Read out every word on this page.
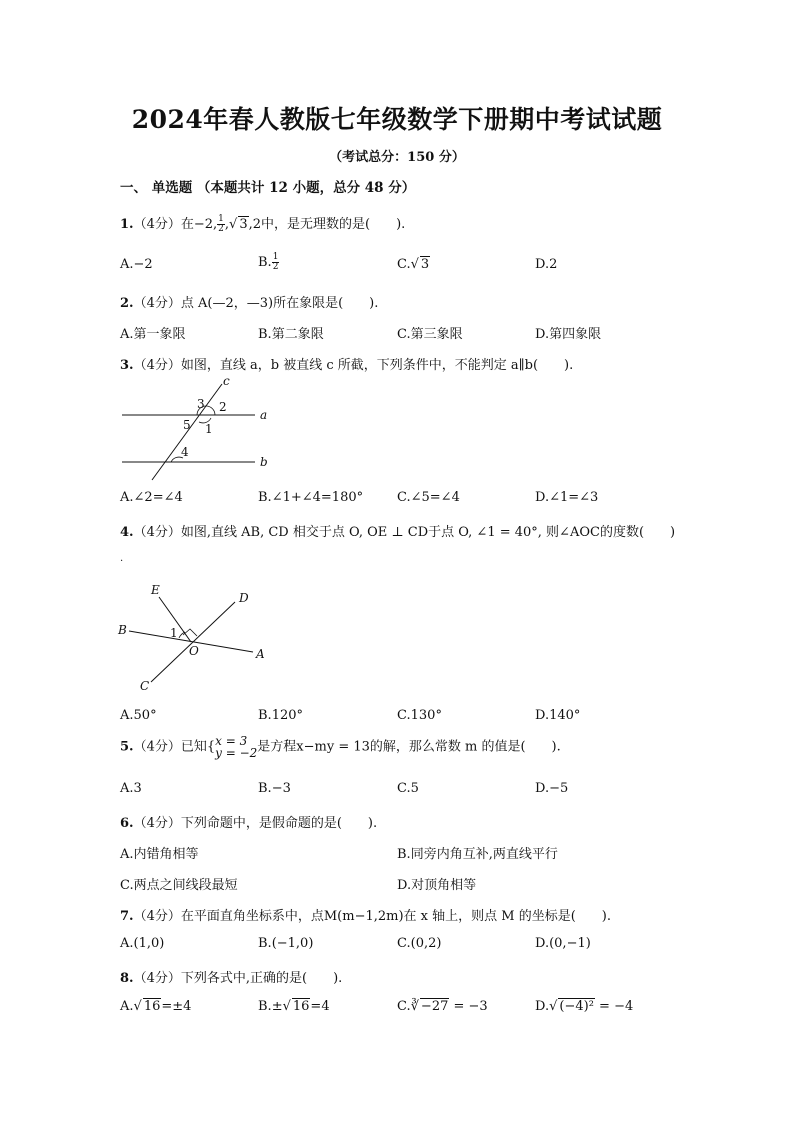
2024年春人教版七年级数学下册期中考试试题
（考试总分：150 分）
一、 单选题 （本题共计 12 小题，总分 48 分）
1.（4分）在−2, $\frac{1}{2}$ ,√ 3,2中，是无理数的是(　　).
A.−2	B. $\frac{1}{2}$	C.√ 3	D.2
2.（4分）点 A(—2，—3)所在象限是(　　).
A.第一象限	B.第二象限	C.第三象限	D.第四象限
3.（4分）如图，直线 a，b 被直线 c 所截，下列条件中，不能判定 a∥b(　　).
c
a
b
3 2
5 1
4
A.∠2=∠4	B.∠1+∠4=180°	C.∠5=∠4	D.∠1=∠3
4.（4分）如图,直线 AB, CD 相交于点 O, OE ⊥ CD于点 O, ∠1 = 40°, 则∠AOC的度数(　　)
.
E
D
B
O	A
C
1
A.50°	B.120°	C.130°	D.140°
5.（4分）已知{ x = 3
y = −2 是方程x−my = 13的解，那么常数 m 的值是(　　).
A.3	B.−3	C.5	D.−5
6.（4分）下列命题中，是假命题的是(　　).
A.内错角相等	B.同旁内角互补,两直线平行
C.两点之间线段最短	D.对顶角相等
7.（4分）在平面直角坐标系中，点M(m−1,2m)在 x 轴上，则点 M 的坐标是(　　).
A.(1,0)	B.(−1,0)	C.(0,2)	D.(0,−1)
8.（4分）下列各式中,正确的是(　　).
A.√ 16=±4	B.±√ 16=4	C.∛ −27 = −3	D.√ (−4)² = −4
